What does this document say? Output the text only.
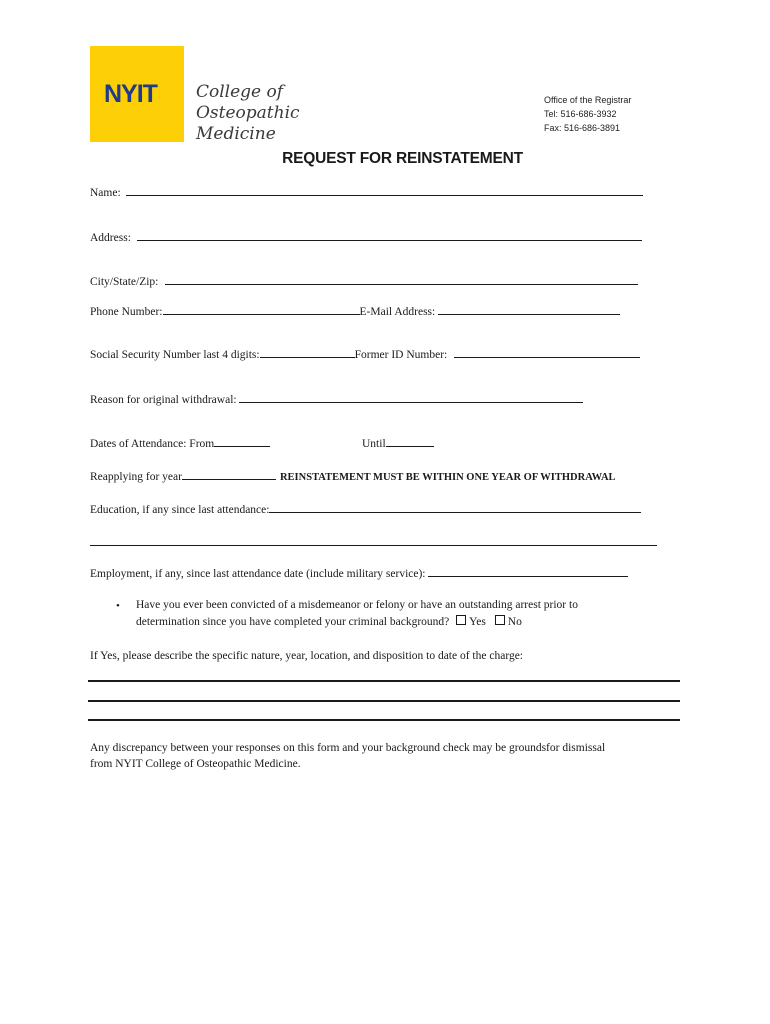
NYIT College of
Osteopathic
Medicine
Office of the Registrar
Tel: 516-686-3932
Fax: 516-686-3891
REQUEST FOR REINSTATEMENT
Name:
Address:
City/State/Zip:
Phone Number:	E-Mail Address:
Social Security Number last 4 digits:	Former ID Number:
Reason for original withdrawal:
Dates of Attendance: From	Until
Reapplying for year	REINSTATEMENT MUST BE WITHIN ONE YEAR OF WITHDRAWAL
Education, if any since last attendance:
Employment, if any, since last attendance date (include military service):
• Have you ever been convicted of a misdemeanor or felony or have an outstanding arrest prior to
determination since you have completed your criminal background? Yes No
If Yes, please describe the specific nature, year, location, and disposition to date of the charge:
Any discrepancy between your responses on this form and your background check may be groundsfor dismissal
from NYIT College of Osteopathic Medicine.
